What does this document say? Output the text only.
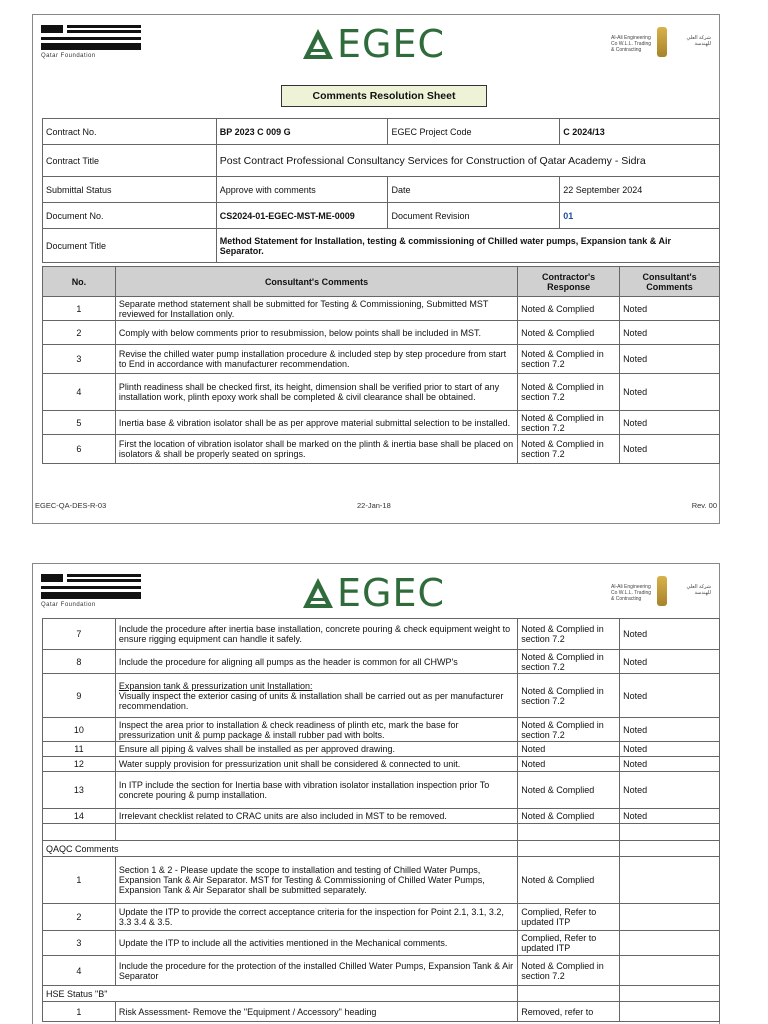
Qatar Foundation	EGEC	Al-Ali Engineering Co W.L.L. Trading & Contracting
شركة العلي للهندسة
Comments Resolution Sheet
Contract No.	BP 2023 C 009 G	EGEC Project Code	C 2024/13
Contract Title	Post Contract Professional Consultancy Services for Construction of Qatar Academy - Sidra		
Submittal Status	Approve with comments	Date	22 September 2024
Document No.	CS2024-01-EGEC-MST-ME-0009	Document Revision	01
Document Title	Method Statement for Installation, testing & commissioning of Chilled water pumps, Expansion tank & Air Separator.		
No.	Consultant's Comments	Contractor's Response	Consultant's Comments
1	Separate method statement shall be submitted for Testing & Commissioning, Submitted MST reviewed for Installation only.	Noted & Complied	Noted
2	Comply with below comments prior to resubmission, below points shall be included in MST.	Noted & Complied	Noted
3	Revise the chilled water pump installation procedure & included step by step procedure from start to End in accordance with manufacturer recommendation.	Noted & Complied in section 7.2	Noted
4	Plinth readiness shall be checked first, its height, dimension shall be verified prior to start of any installation work, plinth epoxy work shall be completed & civil clearance shall be obtained.	Noted & Complied in section 7.2	Noted
5	Inertia base & vibration isolator shall be as per approve material submittal selection to be installed.	Noted & Complied in section 7.2	Noted
6	First the location of vibration isolator shall be marked on the plinth & inertia base shall be placed on isolators & shall be properly seated on springs.	Noted & Complied in section 7.2	Noted
EGEC-QA-DES-R-03	22-Jan-18	Rev. 00
Qatar Foundation	EGEC	Al-Ali Engineering Co W.L.L. Trading & Contracting
شركة العلي للهندسة
7	Include the procedure after inertia base installation, concrete pouring & check equipment weight to ensure rigging equipment can handle it safely.	Noted & Complied in section 7.2	Noted
8	Include the procedure for aligning all pumps as the header is common for all CHWP's	Noted & Complied in section 7.2	Noted
9	Expansion tank & pressurization unit Installation:
Visually inspect the exterior casing of units & installation shall be carried out as per manufacturer recommendation.	Noted & Complied in section 7.2	Noted
10	Inspect the area prior to installation & check readiness of plinth etc, mark the base for pressurization unit & pump package & install rubber pad with bolts.	Noted & Complied in section 7.2	Noted
11	Ensure all piping & valves shall be installed as per approved drawing.	Noted	Noted
12	Water supply provision for pressurization unit shall be considered & connected to unit.	Noted	Noted
13	In ITP include the section for Inertia base with vibration isolator installation inspection prior To concrete pouring & pump installation.	Noted & Complied	Noted
14	Irrelevant checklist related to CRAC units are also included in MST to be removed.	Noted & Complied	Noted

QAQC Comments			
1	Section 1 & 2 - Please update the scope to installation and testing of Chilled Water Pumps, Expansion Tank & Air Separator. MST for Testing & Commissioning of Chilled Water Pumps, Expansion Tank & Air Separator shall be submitted separately.	Noted & Complied	
2	Update the ITP to provide the correct acceptance criteria for the inspection for Point 2.1, 3.1, 3.2, 3.3 3.4 & 3.5.	Complied, Refer to updated ITP	
3	Update the ITP to include all the activities mentioned in the Mechanical comments.	Complied, Refer to updated ITP	
4	Include the procedure for the protection of the installed Chilled Water Pumps, Expansion Tank & Air Separator	Noted & Complied in section 7.2	
HSE Status "B"			
1	Risk Assessment- Remove the "Equipment / Accessory" heading	Removed, refer to	
